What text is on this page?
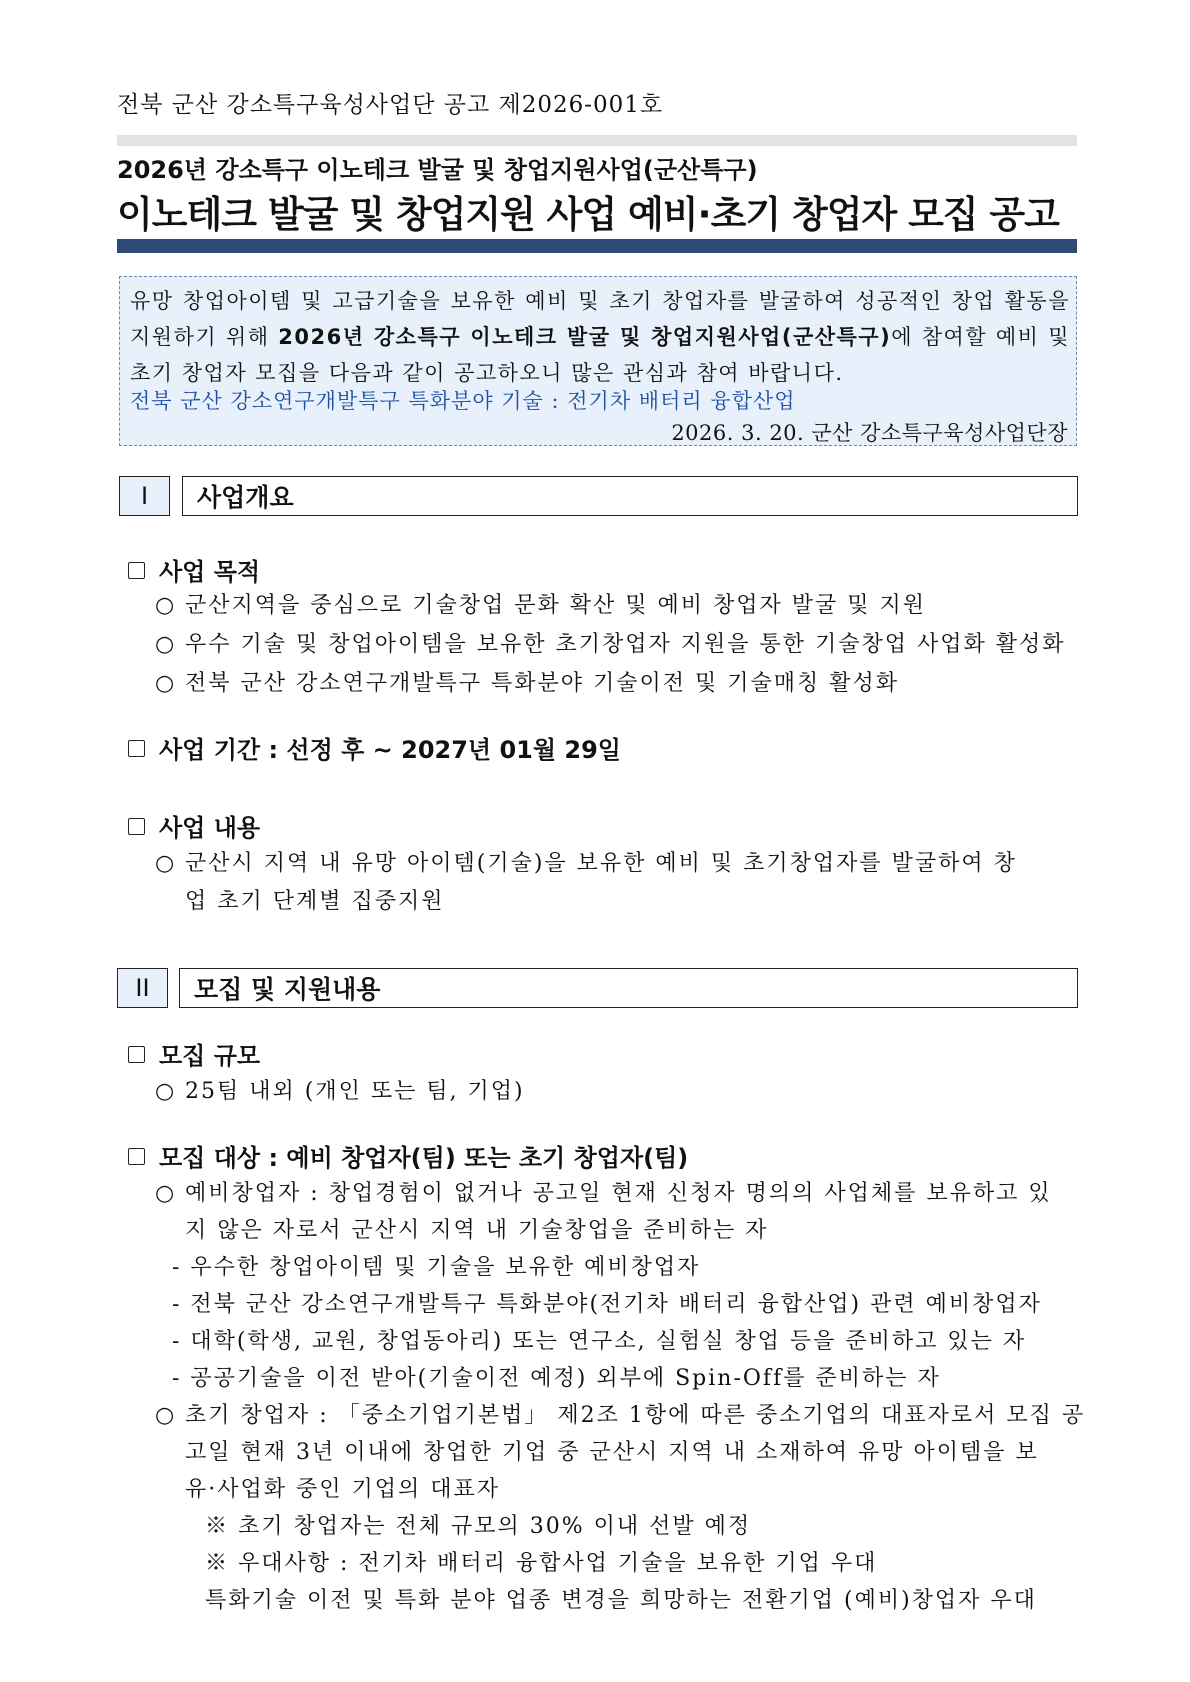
전북 군산 강소특구육성사업단 공고 제2026-001호
2026년 강소특구 이노테크 발굴 및 창업지원사업(군산특구)
이노테크 발굴 및 창업지원 사업 예비·초기 창업자 모집 공고
유망 창업아이템 및 고급기술을 보유한 예비 및 초기 창업자를 발굴하여 성공적인 창업 활동을 지원하기 위해 2026년 강소특구 이노테크 발굴 및 창업지원사업(군산특구)에 참여할 예비 및 초기 창업자 모집을 다음과 같이 공고하오니 많은 관심과 참여 바랍니다.
전북 군산 강소연구개발특구 특화분야 기술 : 전기차 배터리 융합산업
2026. 3. 20. 군산 강소특구육성사업단장
I	사업개요
사업 목적
○ 군산지역을 중심으로 기술창업 문화 확산 및 예비 창업자 발굴 및 지원
○ 우수 기술 및 창업아이템을 보유한 초기창업자 지원을 통한 기술창업 사업화 활성화
○ 전북 군산 강소연구개발특구 특화분야 기술이전 및 기술매칭 활성화
사업 기간 : 선정 후 ~ 2027년 01월 29일
사업 내용
○ 군산시 지역 내 유망 아이템(기술)을 보유한 예비 및 초기창업자를 발굴하여 창
업 초기 단계별 집중지원
II	모집 및 지원내용
모집 규모
○ 25팀 내외 (개인 또는 팀, 기업)
모집 대상 : 예비 창업자(팀) 또는 초기 창업자(팀)
○ 예비창업자 : 창업경험이 없거나 공고일 현재 신청자 명의의 사업체를 보유하고 있
지 않은 자로서 군산시 지역 내 기술창업을 준비하는 자
- 우수한 창업아이템 및 기술을 보유한 예비창업자
- 전북 군산 강소연구개발특구 특화분야(전기차 배터리 융합산업) 관련 예비창업자
- 대학(학생, 교원, 창업동아리) 또는 연구소, 실험실 창업 등을 준비하고 있는 자
- 공공기술을 이전 받아(기술이전 예정) 외부에 Spin-Off를 준비하는 자
○ 초기 창업자 : 「중소기업기본법」 제2조 1항에 따른 중소기업의 대표자로서 모집 공
고일 현재 3년 이내에 창업한 기업 중 군산시 지역 내 소재하여 유망 아이템을 보
유·사업화 중인 기업의 대표자
※ 초기 창업자는 전체 규모의 30% 이내 선발 예정
※ 우대사항 : 전기차 배터리 융합사업 기술을 보유한 기업 우대
특화기술 이전 및 특화 분야 업종 변경을 희망하는 전환기업 (예비)창업자 우대
